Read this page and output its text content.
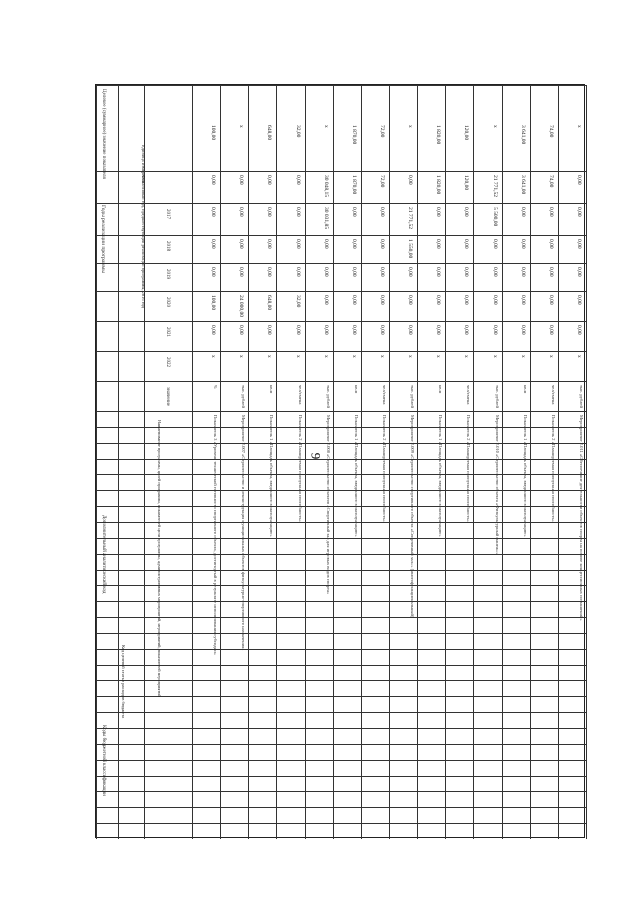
9
Целевое (суммарное) значение показателя
Годы реализации программы	Финансовый год, предшествующий реализации программы, 2016 год
Единица измерения
Наименование программы, целей программы, показателей цели программы, административных мероприятий, мероприятий, показателей мероприятий
Коды бюджетной классификации
Дополнительный аналитический код
Код целевой статьи расходов бюджета
2017
2018
2019
2020
2021
2022
значение
Показатель 3 «Уровень технической готовности спортивного объекта, достигнутый в результате использования субсидии»
%
x
0,00
100,00
0,00
0,00
0,00
0,00
100,00
Мероприятие 2.007 «Строительство и реконструкция муниципальных объектов физкультурно-спортивного назначения»
тыс. рублей
x
0,00
24 000,00
0,00
0,00
0,00
0,00
x
Показатель 1 «Площадь объекта, введенного в эксплуатацию»
кв.м
x
0,00
648,00
0,00
0,00
0,00
0,00
648,00
Показатель 2 «Планируемая пропускная способность»
чел/смена
x
0,00
32,00
0,00
0,00
0,00
0,00
32,00
Мероприятие 2.008 «Строительство объектов «Спортивный зал для игровых видов спорта»
тыс. рублей
x
0,00
0,00
0,00
0,00
30 031,85
30 048,15
x
Показатель 1 «Площадь объекта, введенного в эксплуатацию»
кв.м
x
0,00
0,00
0,00
0,00
0,00
1 870,00
1 870,00
Показатель 2 «Планируемая пропускная способность»
чел/смена
x
0,00
0,00
0,00
0,00
0,00
72,00
72,00
Мероприятие 2.009 «Строительство спортивного объекта «Спортивный зал»» (многофункциональный)
тыс. рублей
x
0,00
0,00
0,00
1 550,00
21 771,52
0,00
x
Показатель 1 «Площадь объекта, введенного в эксплуатацию»
кв.м
x
0,00
0,00
0,00
0,00
0,00
1 820,00
1 820,00
Показатель 2 «Планируемая пропускная способность»
чел/смена
x
0,00
0,00
0,00
0,00
0,00
120,00
120,00
Мероприятие 2.010 «Строительство объекта «Физкультурный манеж»»
тыс. рублей
x
0,00
0,00
0,00
0,00
5 500,00
21 771,52
x
Показатель 1 «Площадь объекта, введенного в эксплуатацию»
кв.м
x
0,00
0,00
0,00
0,00
0,00
3 641,00
3 641,00
Показатель 2 «Планируемая пропускная способность»
чел/смена
x
0,00
0,00
0,00
0,00
0,00
74,00
74,00
Мероприятие 2.011 «Обеспечение деятельности объектов спорта на основе концессионных соглашений»
тыс. рублей
x
0,00
0,00
0,00
0,00
0,00
0,00
x
